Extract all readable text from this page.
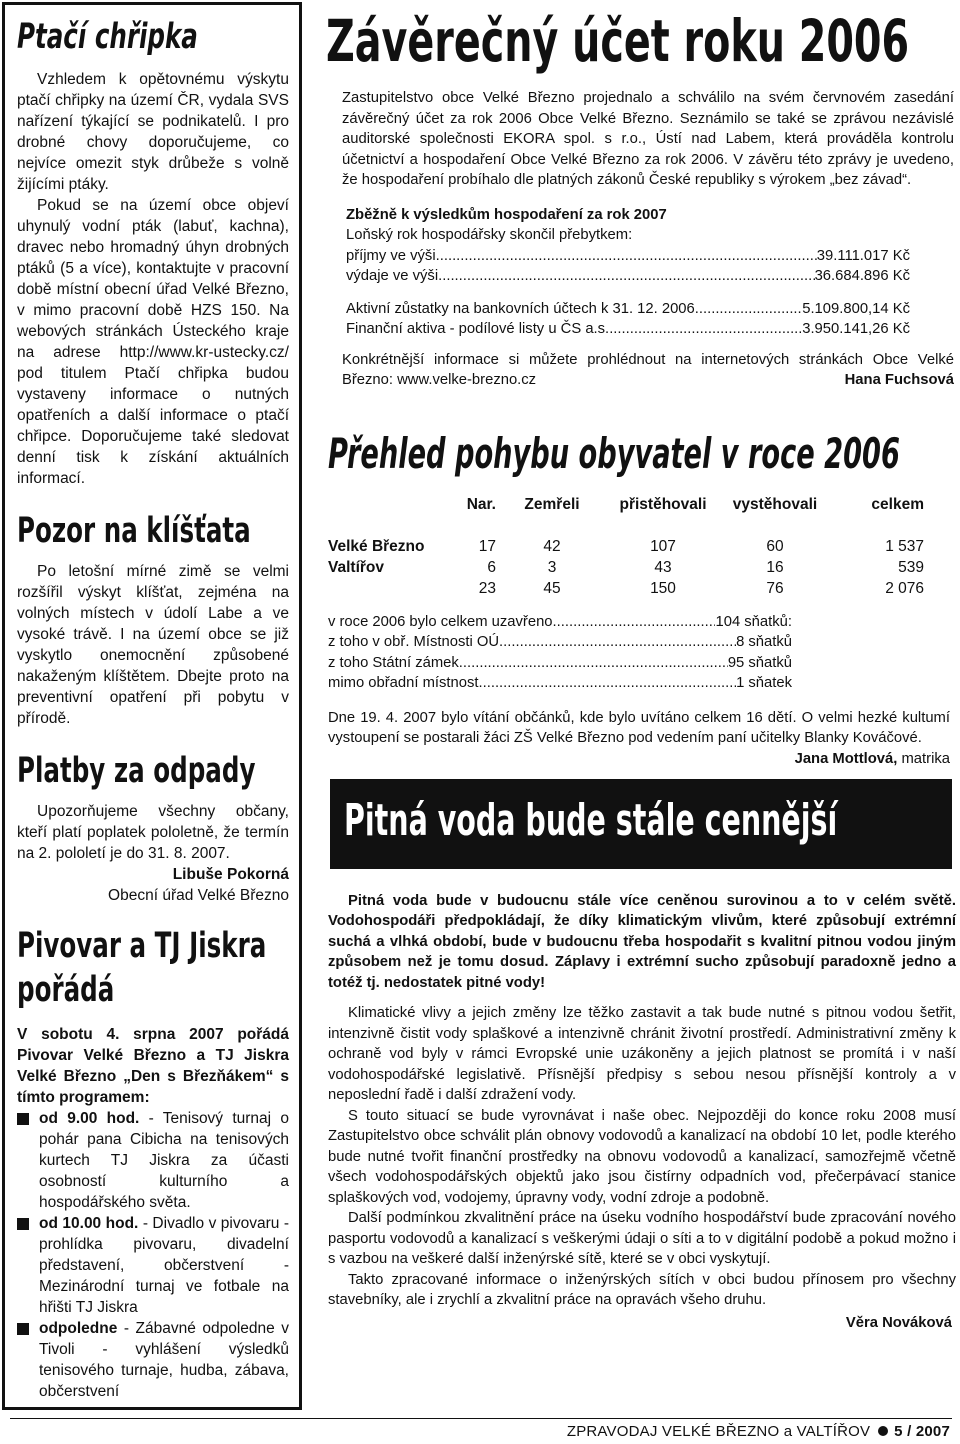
Ptačí chřipka

Vzhledem k opětovnému výskytu ptačí chřipky na území ČR, vydala SVS nařízení týkající se podnikatelů. I pro drobné chovy doporučujeme, co nejvíce omezit styk drůbeže s volně žijícími ptáky.

Pokud se na území obce objeví uhynulý vodní pták (labuť, kachna), dravec nebo hromadný úhyn drobných ptáků (5 a více), kontaktujte v pracovní době místní obecní úřad Velké Březno, v mimo pracovní době HZS 150. Na webových stránkách Ústeckého kraje na adrese http://www.kr-ustecky.cz/ pod titulem Ptačí chřipka budou vystaveny informace o nutných opatřeních a další informace o ptačí chřipce. Doporučujeme také sledovat denní tisk k získání aktuálních informací.

Pozor na klíšťata

Po letošní mírné zimě se velmi rozšířil výskyt klíšťat, zejména na volných místech v údolí Labe a ve vysoké trávě. I na území obce se již vyskytlo onemocnění způsobené nakaženým klíštětem. Dbejte proto na preventivní opatření při pobytu v přírodě.

Platby za odpady

Upozorňujeme všechny občany, kteří platí poplatek pololetně, že termín na 2. pololetí je do 31. 8. 2007.

Libuše Pokorná

Obecní úřad Velké Březno

Pivovar a TJ Jiskra
pořádá

V sobotu 4. srpna 2007 pořádá Pivovar Velké Březno a TJ Jiskra Velké Březno „Den s Březňákem“ s tímto programem:

od 9.00 hod. - Tenisový turnaj o pohár pana Cibicha na tenisových kurtech TJ Jiskra za účasti osobností kulturního a hospodářského světa.
od 10.00 hod. - Divadlo v pivovaru - prohlídka pivovaru, divadelní představení, občerstvení - Mezinárodní turnaj ve fotbale na hřišti TJ Jiskra
odpoledne - Zábavné odpoledne v Tivoli - vyhlášení výsledků tenisového turnaje, hudba, zábava, občerstvení
Závěrečný účet roku 2006

Zastupitelstvo obce Velké Březno projednalo a schválilo na svém červnovém zasedání závěrečný účet za rok 2006 Obce Velké Březno. Seznámilo se také se zprávou nezávislé auditorské společnosti EKORA spol. s r.o., Ústí nad Labem, která prováděla kontrolu účetnictví a hospodaření Obce Velké Březno za rok 2006. V závěru této zprávy je uvedeno, že hospodaření probíhalo dle platných zákonů České republiky s výrokem „bez závad“.

Zběžně k výsledkům hospodaření za rok 2007

Loňský rok hospodářsky skončil přebytkem:

příjmy ve výši .....	39.111.017 Kč
výdaje ve výši .....	36.684.896 Kč
Aktivní zůstatky na bankovních účtech k 31. 12. 2006 .....	5.109.800,14 Kč
Finanční aktiva - podílové listy u ČS a.s. .....	3.950.141,26 Kč

Konkrétnější informace si můžete prohlédnout na internetových stránkách Obce Velké Březno: www.velke-brezno.cz	Hana Fuchsová

Přehled pohybu obyvatel v roce 2006
	Nar.	Zemřeli	přistěhovali	vystěhovali	celkem

Velké Březno	17	42	107	60	1 537
Valtířov	6	3	43	16	539
	23	45	150	76	2 076
v roce 2006 bylo celkem uzavřeno .....	104 sňatků:
z toho v obř. Místnosti OÚ .....	8 sňatků
z toho Státní zámek .....	95 sňatků
mimo obřadní místnost .....	1 sňatek

Dne 19. 4. 2007 bylo vítání občánků, kde bylo uvítáno celkem 16 dětí. O velmi hezké kultumí vystoupení se postarali žáci ZŠ Velké Březno pod vedením paní učitelky Blanky Kováčové.
Jana Mottlová, matrika

Pitná voda bude stále cennější

Pitná voda bude v budoucnu stále více ceněnou surovinou a to v celém světě. Vodohospodáři předpokládají, že díky klimatickým vlivům, které způsobují extrémní suchá a vlhká období, bude v budoucnu třeba hospodařit s kvalitní pitnou vodou jiným způsobem než je tomu dosud. Záplavy i extrémní sucho způsobují paradoxně jedno a totéž tj. nedostatek pitné vody!

Klimatické vlivy a jejich změny lze těžko zastavit a tak bude nutné s pitnou vodou šetřit, intenzivně čistit vody splaškové a intenzivně chránit životní prostředí. Administrativní změny k ochraně vod byly v rámci Evropské unie uzákoněny a jejich platnost se promítá i v naší vodohospodářské legislativě. Přísnější předpisy s sebou nesou přísnější kontroly a v neposlední řadě i další zdražení vody.

S touto situací se bude vyrovnávat i naše obec. Nejpozději do konce roku 2008 musí Zastupitelstvo obce schválit plán obnovy vodovodů a kanalizací na období 10 let, podle kterého bude nutné tvořit finanční prostředky na obnovu vodovodů a kanalizací, samozřejmě včetně všech vodohospodářských objektů jako jsou čistírny odpadních vod, přečerpávací stanice splaškových vod, vodojemy, úpravny vody, vodní zdroje a podobně.

Další podmínkou zkvalitnění práce na úseku vodního hospodářství bude zpracování nového pasportu vodovodů a kanalizací s veškerými údaji o síti a to v digitální podobě a pokud možno i s vazbou na veškeré další inženýrské sítě, které se v obci vyskytují.

Takto zpracované informace o inženýrských sítích v obci budou přínosem pro všechny stavebníky, ale i zrychlí a zkvalitní práce na opravách všeho druhu.

Věra Nováková

ZPRAVODAJ VELKÉ BŘEZNO a VALTÍŘOV 5 / 2007
